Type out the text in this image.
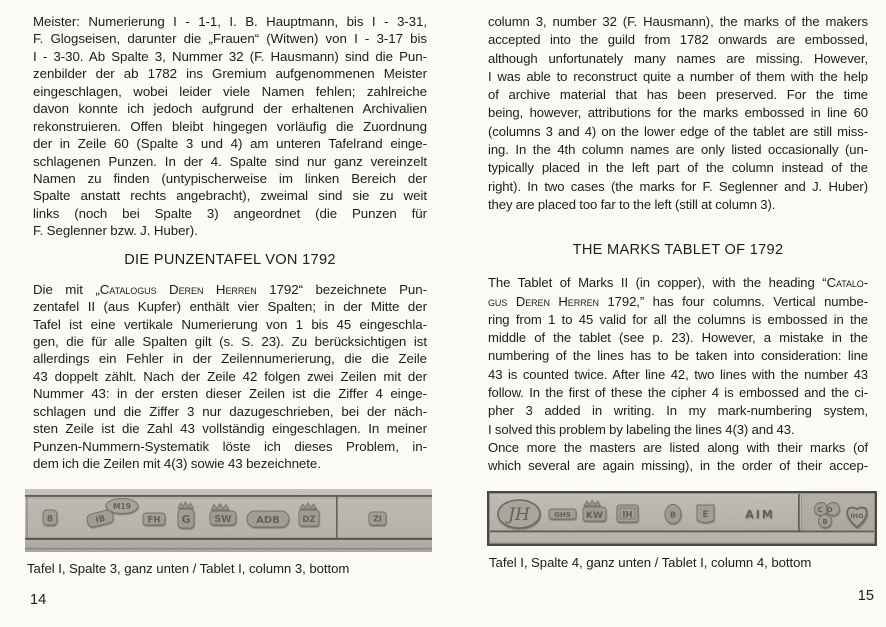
Meister: Numerierung I - 1-1, I. B. Hauptmann, bis I - 3-31,
F. Glogseisen, darunter die „Frauen“ (Witwen) von I - 3-17 bis
I - 3-30. Ab Spalte 3, Nummer 32 (F. Hausmann) sind die Pun-
zenbilder der ab 1782 ins Gremium aufgenommenen Meister
eingeschlagen, wobei leider viele Namen fehlen; zahlreiche
davon konnte ich jedoch aufgrund der erhaltenen Archivalien
rekonstruieren. Offen bleibt hingegen vorläufig die Zuordnung
der in Zeile 60 (Spalte 3 und 4) am unteren Tafelrand einge-
schlagenen Punzen. In der 4. Spalte sind nur ganz vereinzelt
Namen zu finden (untypischerweise im linken Bereich der
Spalte anstatt rechts angebracht), zweimal sind sie zu weit
links (noch bei Spalte 3) angeordnet (die Punzen für
F. Seglenner bzw. J. Huber).
DIE PUNZENTAFEL VON 1792
Die mit „Catalogus Deren Herren 1792“ bezeichnete Pun-
zentafel II (aus Kupfer) enthält vier Spalten; in der Mitte der
Tafel ist eine vertikale Numerierung von 1 bis 45 eingeschla-
gen, die für alle Spalten gilt (s. S. 23). Zu berücksichtigen ist
allerdings ein Fehler in der Zeilennumerierung, die die Zeile
43 doppelt zählt. Nach der Zeile 42 folgen zwei Zeilen mit der
Nummer 43: in der ersten dieser Zeilen ist die Ziffer 4 einge-
schlagen und die Ziffer 3 nur dazugeschrieben, bei der näch-
sten Zeile ist die Zahl 43 vollständig eingeschlagen. In meiner
Punzen-Nummern-Systematik löste ich dieses Problem, in-
dem ich die Zeilen mit 4(3) sowie 43 bezeichnete.
column 3, number 32 (F. Hausmann), the marks of the makers
accepted into the guild from 1782 onwards are embossed,
although unfortunately many names are missing. However,
I was able to reconstruct quite a number of them with the help
of archive material that has been preserved. For the time
being, however, attributions for the marks embossed in line 60
(columns 3 and 4) on the lower edge of the tablet are still miss-
ing. In the 4th column names are only listed occasionally (un-
typically placed in the left part of the column instead of the
right). In two cases (the marks for F. Seglenner and J. Huber)
they are placed too far to the left (still at column 3).
THE MARKS TABLET OF 1792
The Tablet of Marks II (in copper), with the heading “Catalo-
gus Deren Herren 1792,” has four columns. Vertical numbe-
ring from 1 to 45 valid for all the columns is embossed in the
middle of the tablet (see p. 23). However, a mistake in the
numbering of the lines has to be taken into consideration: line
43 is counted twice. After line 42, two lines with the number 43
follow. In the first of these the cipher 4 is embossed and the ci-
pher 3 added in writing. In my mark-numbering system,
I solved this problem by labeling the lines 4(3) and 43.
Once more the masters are listed along with their marks (of
which several are again missing), in the order of their accep-
8	IB
M19
FH G	SW ADB	DZ	ZI	JH	GHS KW IH	B	E	AIM	CO
B
IHG
Tafel I, Spalte 3, ganz unten / Tablet I, column 3, bottom	Tafel I, Spalte 4, ganz unten / Tablet I, column 4, bottom
14	15
